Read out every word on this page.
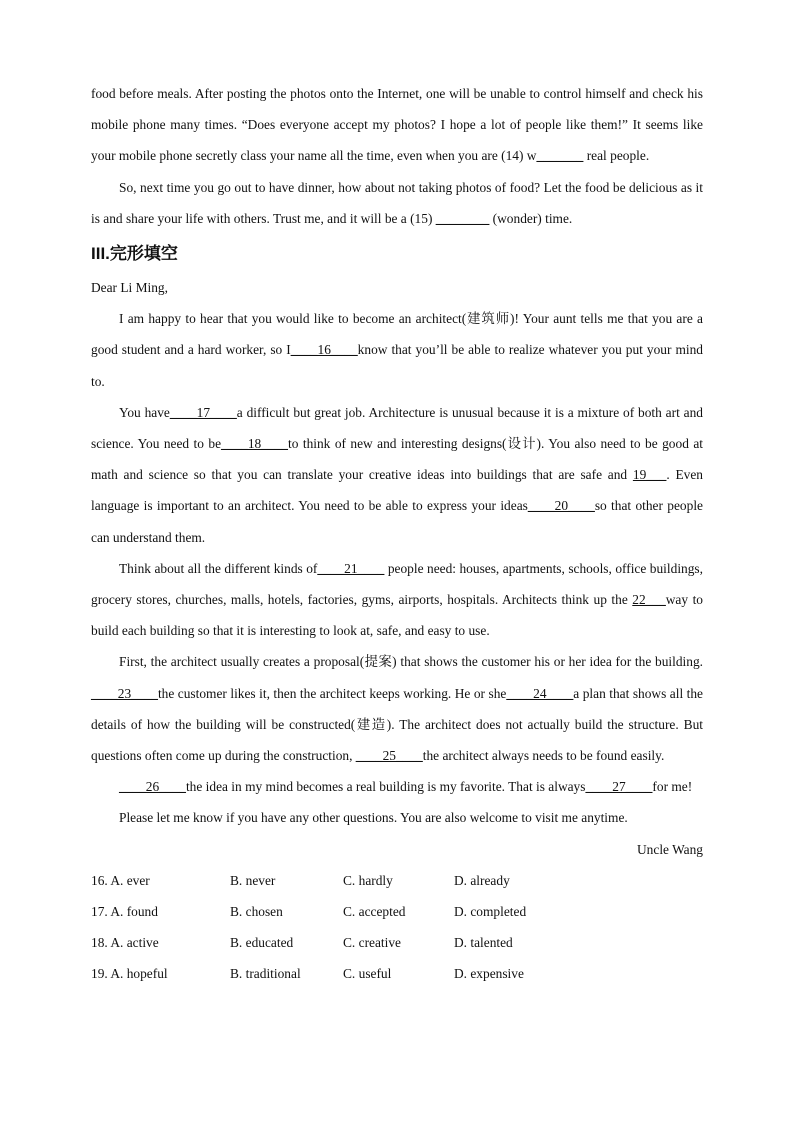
food before meals. After posting the photos onto the Internet, one will be unable to control himself and check his mobile phone many times. “Does everyone accept my photos? I hope a lot of people like them!” It seems like your mobile phone secretly class your name all the time, even when you are (14) w_______ real people.

So, next time you go out to have dinner, how about not taking photos of food? Let the food be delicious as it is and share your life with others. Trust me, and it will be a (15) ________ (wonder) time.

III.完形填空

Dear Li Ming,

I am happy to hear that you would like to become an architect(建筑师)! Your aunt tells me that you are a good student and a hard worker, so I____16____know that you’ll be able to realize whatever you put your mind to.

You have____17____a difficult but great job. Architecture is unusual because it is a mixture of both art and science. You need to be____18____to think of new and interesting designs(设计). You also need to be good at math and science so that you can translate your creative ideas into buildings that are safe and 19___. Even language is important to an architect. You need to be able to express your ideas____20____so that other people can understand them.

Think about all the different kinds of____21____ people need: houses, apartments, schools, office buildings, grocery stores, churches, malls, hotels, factories, gyms, airports, hospitals. Architects think up the 22___way to build each building so that it is interesting to look at, safe, and easy to use.

First, the architect usually creates a proposal(提案) that shows the customer his or her idea for the building. ____23____the customer likes it, then the architect keeps working. He or she____24____a plan that shows all the details of how the building will be constructed(建造). The architect does not actually build the structure. But questions often come up during the construction, ____25____the architect always needs to be found easily.

____26____the idea in my mind becomes a real building is my favorite. That is always____27____for me!

Please let me know if you have any other questions. You are also welcome to visit me anytime.

Uncle Wang

16. A. ever	B. never	C. hardly	D. already
17. A. found	B. chosen	C. accepted	D. completed
18. A. active	B. educated	C. creative	D. talented
19. A. hopeful	B. traditional	C. useful	D. expensive
